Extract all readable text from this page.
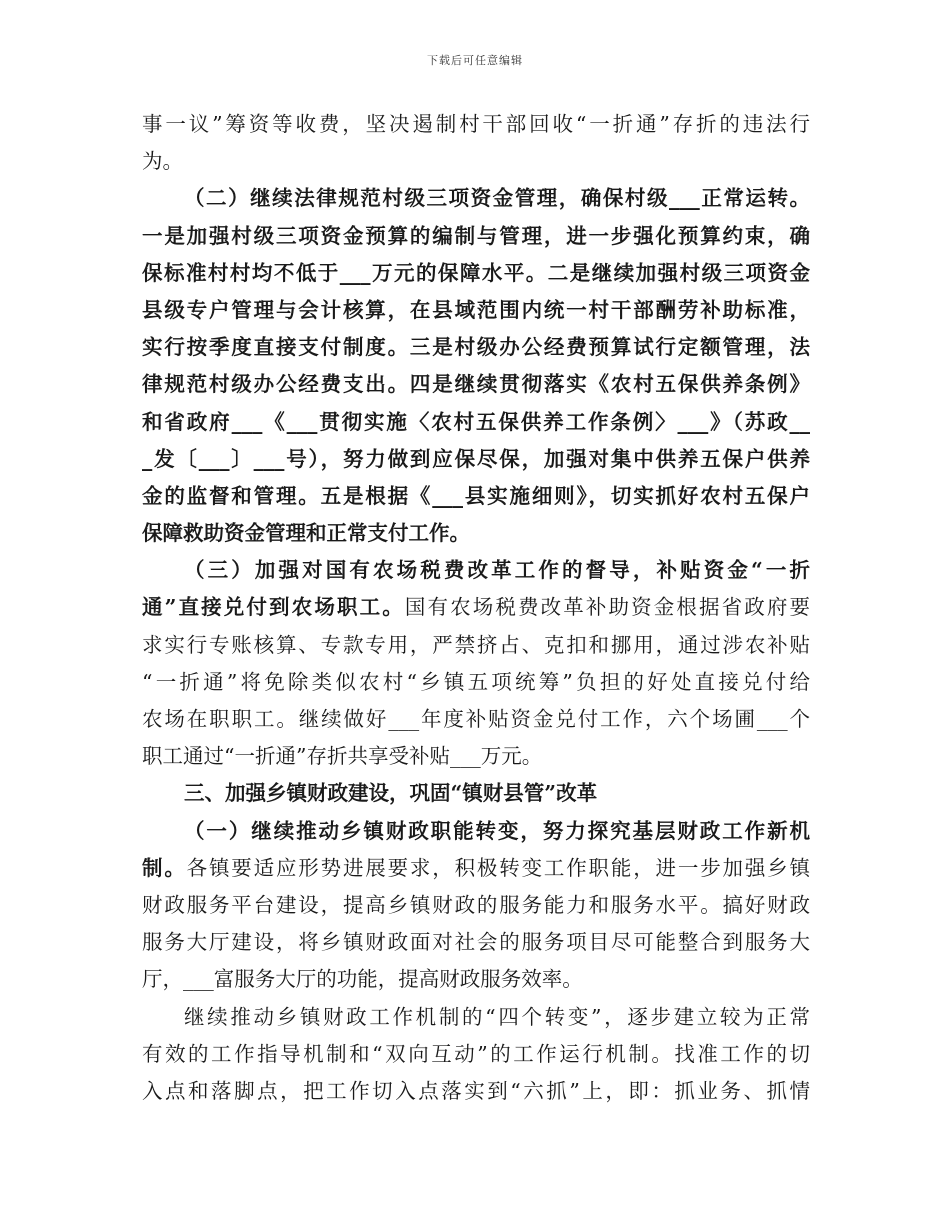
下载后可任意编辑
事一议”筹资等收费，坚决遏制村干部回收“一折通”存折的违法行
为。
（二）继续法律规范村级三项资金管理，确保村级___正常运转。
一是加强村级三项资金预算的编制与管理，进一步强化预算约束，确
保标准村村均不低于___万元的保障水平。二是继续加强村级三项资金
县级专户管理与会计核算，在县域范围内统一村干部酬劳补助标准，
实行按季度直接支付制度。三是村级办公经费预算试行定额管理，法
律规范村级办公经费支出。四是继续贯彻落实《农村五保供养条例》
和省政府___《___贯彻实施〈农村五保供养工作条例〉___》（苏政__
_发〔___〕___号），努力做到应保尽保，加强对集中供养五保户供养
金的监督和管理。五是根据《___县实施细则》，切实抓好农村五保户
保障救助资金管理和正常支付工作。
（三）加强对国有农场税费改革工作的督导，补贴资金“一折
通”直接兑付到农场职工。国有农场税费改革补助资金根据省政府要
求实行专账核算、专款专用，严禁挤占、克扣和挪用，通过涉农补贴
“一折通”将免除类似农村“乡镇五项统筹”负担的好处直接兑付给
农场在职职工。继续做好___年度补贴资金兑付工作，六个场圃___个
职工通过“一折通”存折共享受补贴___万元。
三、加强乡镇财政建设，巩固“镇财县管”改革
（一）继续推动乡镇财政职能转变，努力探究基层财政工作新机
制。各镇要适应形势进展要求，积极转变工作职能，进一步加强乡镇
财政服务平台建设，提高乡镇财政的服务能力和服务水平。搞好财政
服务大厅建设，将乡镇财政面对社会的服务项目尽可能整合到服务大
厅，___富服务大厅的功能，提高财政服务效率。
继续推动乡镇财政工作机制的“四个转变”，逐步建立较为正常
有效的工作指导机制和“双向互动”的工作运行机制。找准工作的切
入点和落脚点，把工作切入点落实到“六抓”上，即：抓业务、抓情
